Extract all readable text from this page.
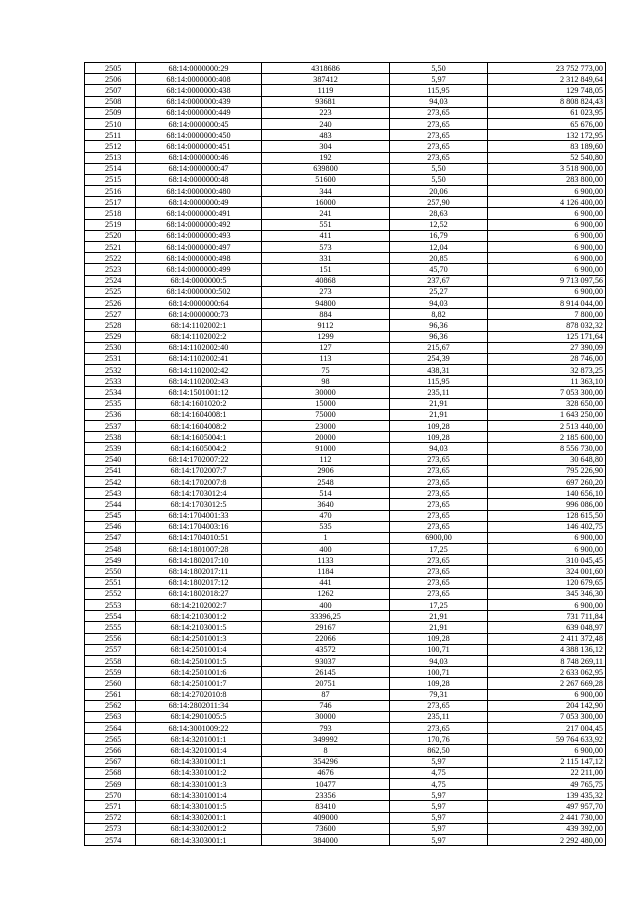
2505	68:14:0000000:29	4318686	5,50	23 752 773,00
2506	68:14:0000000:408	387412	5,97	2 312 849,64
2507	68:14:0000000:438	1119	115,95	129 748,05
2508	68:14:0000000:439	93681	94,03	8 808 824,43
2509	68:14:0000000:449	223	273,65	61 023,95
2510	68:14:0000000:45	240	273,65	65 676,00
2511	68:14:0000000:450	483	273,65	132 172,95
2512	68:14:0000000:451	304	273,65	83 189,60
2513	68:14:0000000:46	192	273,65	52 540,80
2514	68:14:0000000:47	639800	5,50	3 518 900,00
2515	68:14:0000000:48	51600	5,50	283 800,00
2516	68:14:0000000:480	344	20,06	6 900,00
2517	68:14:0000000:49	16000	257,90	4 126 400,00
2518	68:14:0000000:491	241	28,63	6 900,00
2519	68:14:0000000:492	551	12,52	6 900,00
2520	68:14:0000000:493	411	16,79	6 900,00
2521	68:14:0000000:497	573	12,04	6 900,00
2522	68:14:0000000:498	331	20,85	6 900,00
2523	68:14:0000000:499	151	45,70	6 900,00
2524	68:14:0000000:5	40868	237,67	9 713 097,56
2525	68:14:0000000:502	273	25,27	6 900,00
2526	68:14:0000000:64	94800	94,03	8 914 044,00
2527	68:14:0000000:73	884	8,82	7 800,00
2528	68:14:1102002:1	9112	96,36	878 032,32
2529	68:14:1102002:2	1299	96,36	125 171,64
2530	68:14:1102002:40	127	215,67	27 390,09
2531	68:14:1102002:41	113	254,39	28 746,00
2532	68:14:1102002:42	75	438,31	32 873,25
2533	68:14:1102002:43	98	115,95	11 363,10
2534	68:14:1501001:12	30000	235,11	7 053 300,00
2535	68:14:1601020:2	15000	21,91	328 650,00
2536	68:14:1604008:1	75000	21,91	1 643 250,00
2537	68:14:1604008:2	23000	109,28	2 513 440,00
2538	68:14:1605004:1	20000	109,28	2 185 600,00
2539	68:14:1605004:2	91000	94,03	8 556 730,00
2540	68:14:1702007:22	112	273,65	30 648,80
2541	68:14:1702007:7	2906	273,65	795 226,90
2542	68:14:1702007:8	2548	273,65	697 260,20
2543	68:14:1703012:4	514	273,65	140 656,10
2544	68:14:1703012:5	3640	273,65	996 086,00
2545	68:14:1704001:33	470	273,65	128 615,50
2546	68:14:1704003:16	535	273,65	146 402,75
2547	68:14:1704010:51	1	6900,00	6 900,00
2548	68:14:1801007:28	400	17,25	6 900,00
2549	68:14:1802017:10	1133	273,65	310 045,45
2550	68:14:1802017:11	1184	273,65	324 001,60
2551	68:14:1802017:12	441	273,65	120 679,65
2552	68:14:1802018:27	1262	273,65	345 346,30
2553	68:14:2102002:7	400	17,25	6 900,00
2554	68:14:2103001:2	33396,25	21,91	731 711,84
2555	68:14:2103001:5	29167	21,91	639 048,97
2556	68:14:2501001:3	22066	109,28	2 411 372,48
2557	68:14:2501001:4	43572	100,71	4 388 136,12
2558	68:14:2501001:5	93037	94,03	8 748 269,11
2559	68:14:2501001:6	26145	100,71	2 633 062,95
2560	68:14:2501001:7	20751	109,28	2 267 669,28
2561	68:14:2702010:8	87	79,31	6 900,00
2562	68:14:2802011:34	746	273,65	204 142,90
2563	68:14:2901005:5	30000	235,11	7 053 300,00
2564	68:14:3001009:22	793	273,65	217 004,45
2565	68:14:3201001:1	349992	170,76	59 764 633,92
2566	68:14:3201001:4	8	862,50	6 900,00
2567	68:14:3301001:1	354296	5,97	2 115 147,12
2568	68:14:3301001:2	4676	4,75	22 211,00
2569	68:14:3301001:3	10477	4,75	49 765,75
2570	68:14:3301001:4	23356	5,97	139 435,32
2571	68:14:3301001:5	83410	5,97	497 957,70
2572	68:14:3302001:1	409000	5,97	2 441 730,00
2573	68:14:3302001:2	73600	5,97	439 392,00
2574	68:14:3303001:1	384000	5,97	2 292 480,00
